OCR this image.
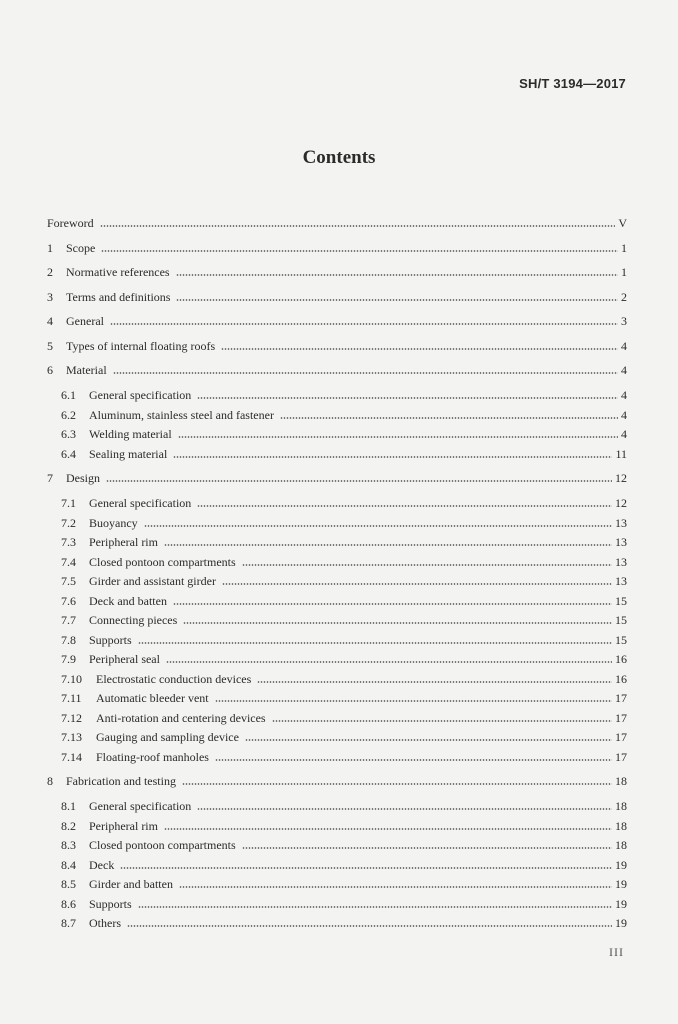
SH/T 3194—2017
Contents
Foreword	V
1	Scope	1
2	Normative references	1
3	Terms and definitions	2
4	General	3
5	Types of internal floating roofs	4
6	Material	4
6.1	General specification	4
6.2	Aluminum, stainless steel and fastener	4
6.3	Welding material	4
6.4	Sealing material	11
7	Design	12
7.1	General specification	12
7.2	Buoyancy	13
7.3	Peripheral rim	13
7.4	Closed pontoon compartments	13
7.5	Girder and assistant girder	13
7.6	Deck and batten	15
7.7	Connecting pieces	15
7.8	Supports	15
7.9	Peripheral seal	16
7.10	Electrostatic conduction devices	16
7.11	Automatic bleeder vent	17
7.12	Anti-rotation and centering devices	17
7.13	Gauging and sampling device	17
7.14	Floating-roof manholes	17
8	Fabrication and testing	18
8.1	General specification	18
8.2	Peripheral rim	18
8.3	Closed pontoon compartments	18
8.4	Deck	19
8.5	Girder and batten	19
8.6	Supports	19
8.7	Others	19
III
